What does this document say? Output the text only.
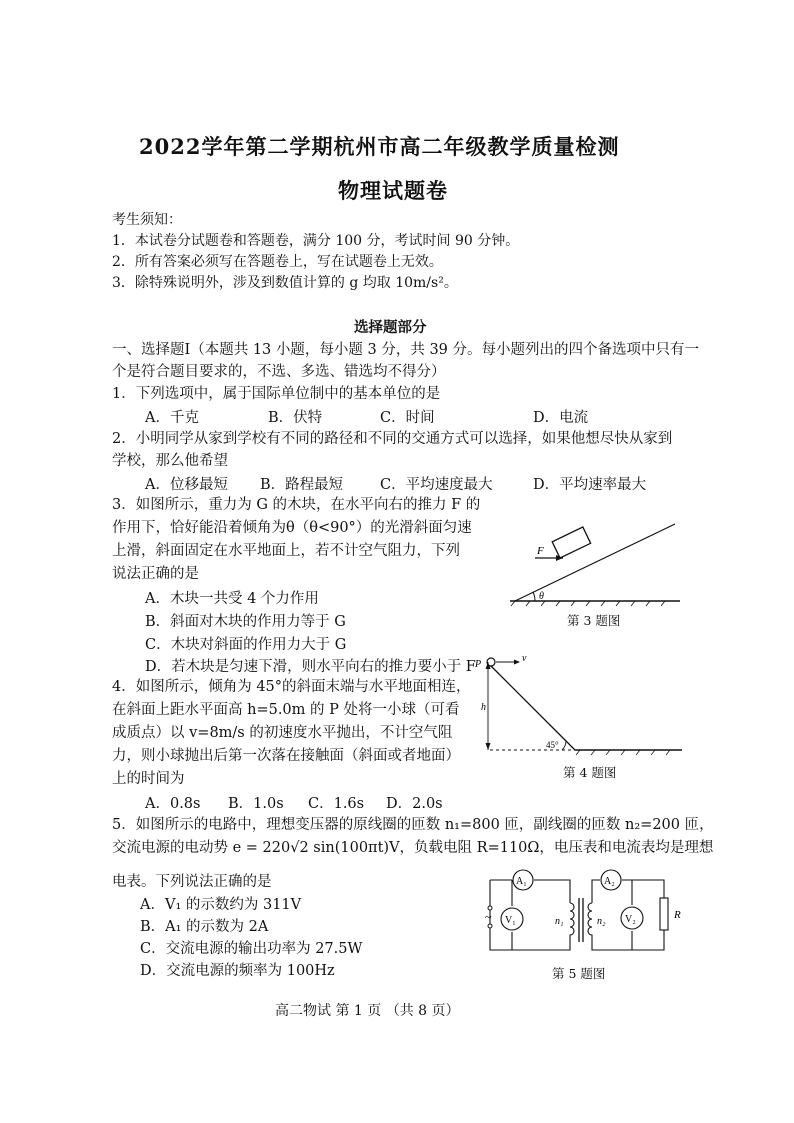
2022学年第二学期杭州市高二年级教学质量检测
物理试题卷
考生须知：
1．本试卷分试题卷和答题卷，满分 100 分，考试时间 90 分钟。
2．所有答案必须写在答题卷上，写在试题卷上无效。
3．除特殊说明外，涉及到数值计算的 g 均取 10m/s²。
选择题部分
一、选择题Ⅰ（本题共 13 小题，每小题 3 分，共 39 分。每小题列出的四个备选项中只有一
个是符合题目要求的，不选、多选、错选均不得分）
1．下列选项中，属于国际单位制中的基本单位的是
A．千克	B．伏特	C．时间	D．电流
2．小明同学从家到学校有不同的路径和不同的交通方式可以选择，如果他想尽快从家到
学校，那么他希望
A．位移最短 B．路程最短	C．平均速度最大	D．平均速率最大
3．如图所示，重力为 G 的木块，在水平向右的推力 F 的
作用下，恰好能沿着倾角为θ（θ<90°）的光滑斜面匀速
上滑，斜面固定在水平地面上，若不计空气阻力，下列
说法正确的是
A．木块一共受 4 个力作用
B．斜面对木块的作用力等于 G
C．木块对斜面的作用力大于 G
D．若木块是匀速下滑，则水平向右的推力要小于 F
F
θ
第 3 题图
4．如图所示，倾角为 45°的斜面末端与水平地面相连，
在斜面上距水平面高 h=5.0m 的 P 处将一小球（可看
成质点）以 v=8m/s 的初速度水平抛出，不计空气阻
力，则小球抛出后第一次落在接触面（斜面或者地面）
上的时间为
A．0.8s B．1.0s C．1.6s D．2.0s
P
v
h
45°
第 4 题图
5．如图所示的电路中，理想变压器的原线圈的匝数 n₁=800 匝，副线圈的匝数 n₂=200 匝，
交流电源的电动势 e = 220√2 sin(100πt)V，负载电阻 R=110Ω，电压表和电流表均是理想
电表。下列说法正确的是
A．V₁ 的示数约为 311V
B．A₁ 的示数为 2A
C．交流电源的输出功率为 27.5W
D．交流电源的频率为 100Hz
~
A₁	A₂
V₁	V₂	R
n₁	n₂
第 5 题图
高二物试 第 1 页 （共 8 页）
